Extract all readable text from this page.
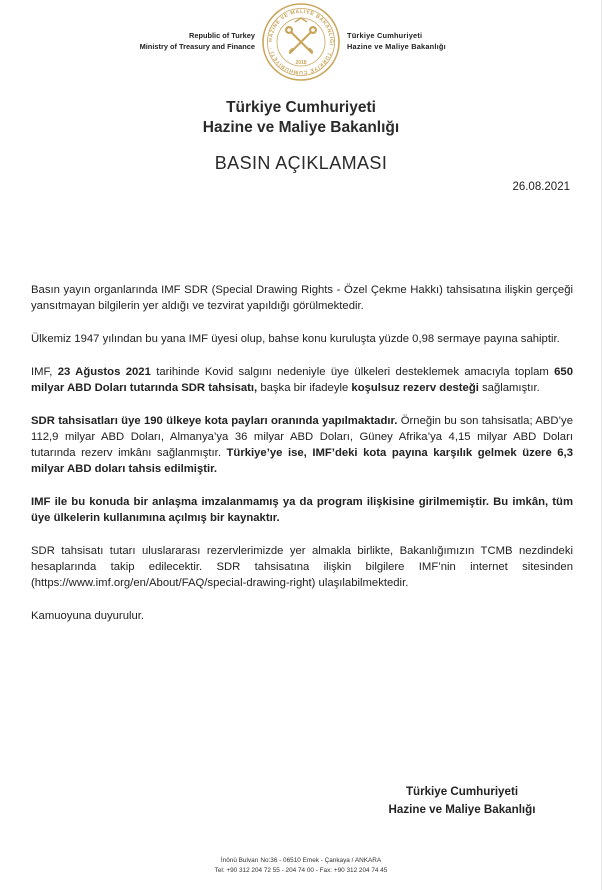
Republic of Turkey
Ministry of Treasury and Finance
HAZİNE VE MALİYE BAKANLIĞI · TÜRKİYE CUMHURİYETİ ·
2018
Türkiye Cumhuriyeti
Hazine ve Maliye Bakanlığı
Türkiye Cumhuriyeti
Hazine ve Maliye Bakanlığı
BASIN AÇIKLAMASI
26.08.2021

Basın yayın organlarında IMF SDR (Special Drawing Rights - Özel Çekme Hakkı) tahsisatına ilişkin gerçeği yansıtmayan bilgilerin yer aldığı ve tezvirat yapıldığı görülmektedir.

Ülkemiz 1947 yılından bu yana IMF üyesi olup, bahse konu kuruluşta yüzde 0,98 sermaye payına sahiptir.

IMF, 23 Ağustos 2021 tarihinde Kovid salgını nedeniyle üye ülkeleri desteklemek amacıyla toplam 650 milyar ABD Doları tutarında SDR tahsisatı, başka bir ifadeyle koşulsuz rezerv desteği sağlamıştır.

SDR tahsisatları üye 190 ülkeye kota payları oranında yapılmaktadır. Örneğin bu son tahsisatla; ABD’ye 112,9 milyar ABD Doları, Almanya’ya 36 milyar ABD Doları, Güney Afrika’ya 4,15 milyar ABD Doları tutarında rezerv imkânı sağlanmıştır. Türkiye’ye ise, IMF’deki kota payına karşılık gelmek üzere 6,3 milyar ABD doları tahsis edilmiştir.

IMF ile bu konuda bir anlaşma imzalanmamış ya da program ilişkisine girilmemiştir. Bu imkân, tüm üye ülkelerin kullanımına açılmış bir kaynaktır.

SDR tahsisatı tutarı uluslararası rezervlerimizde yer almakla birlikte, Bakanlığımızın TCMB nezdindeki hesaplarında takip edilecektir. SDR tahsisatına ilişkin bilgilere IMF’nin internet sitesinden (https://www.imf.org/en/About/FAQ/special-drawing-right) ulaşılabilmektedir.

Kamuoyuna duyurulur.

Türkiye Cumhuriyeti
Hazine ve Maliye Bakanlığı
İnönü Bulvarı No:36 - 06510 Emek - Çankaya / ANKARA
Tel: +90 312 204 72 55 - 204 74 00 - Fax: +90 312 204 74 45
